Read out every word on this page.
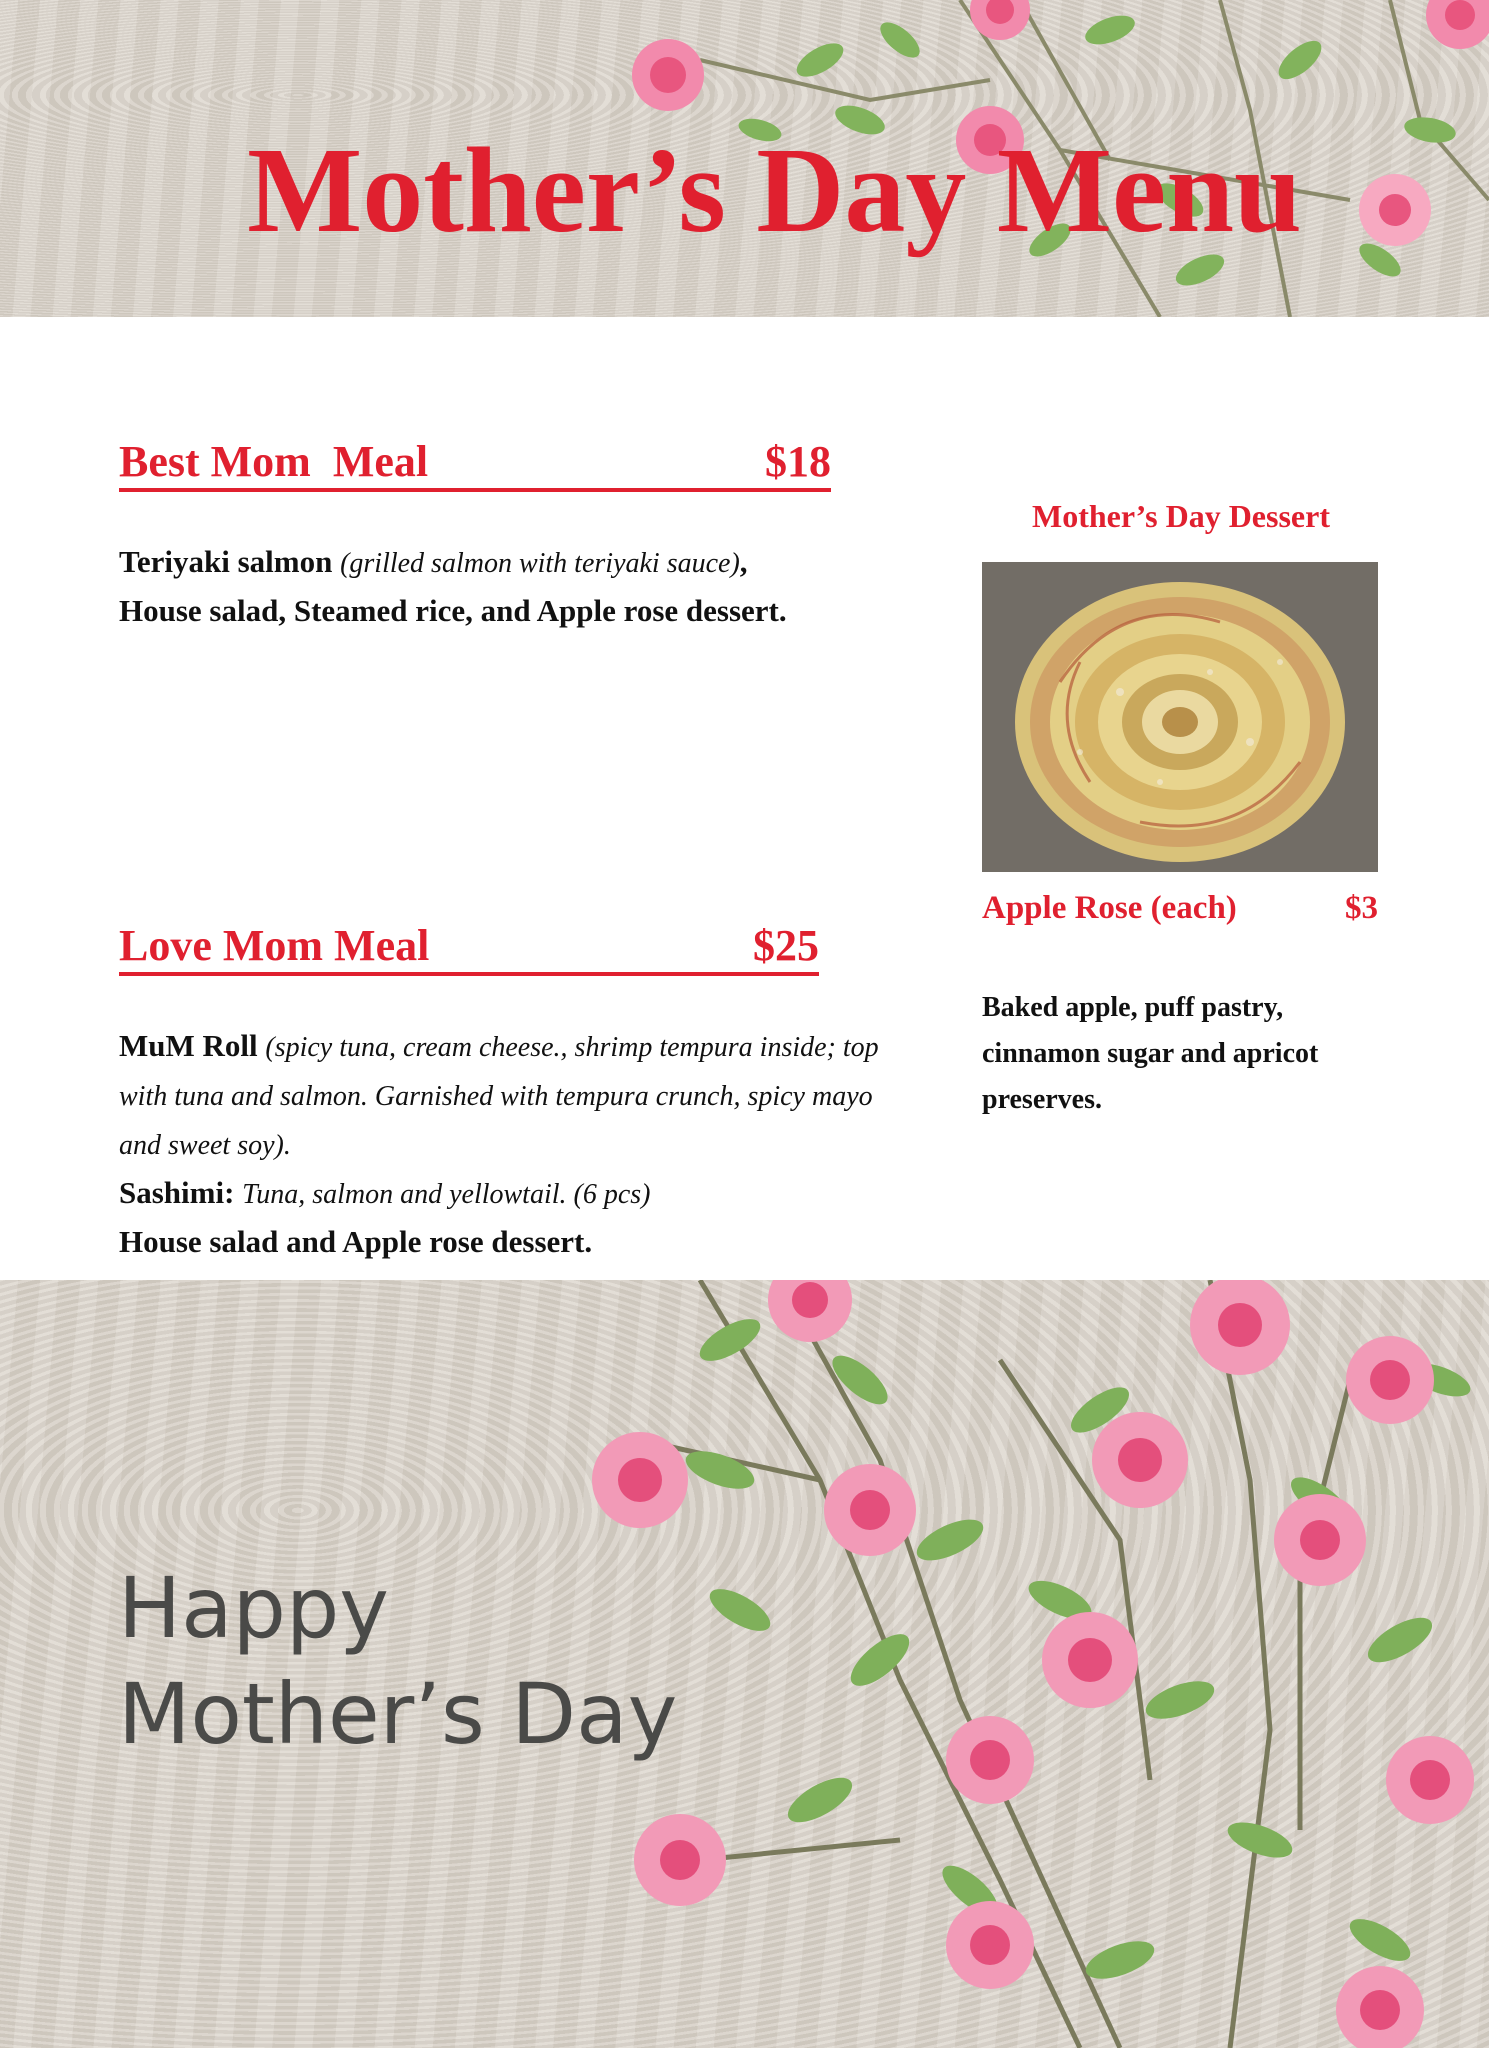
Mother’s Day Menu
Best Mom  Meal	$18
Teriyaki salmon (grilled salmon with teriyaki sauce),
House salad, Steamed rice, and Apple rose dessert.
Love Mom Meal	$25
MuM Roll (spicy tuna, cream cheese., shrimp tempura inside; top with tuna and salmon. Garnished with tempura crunch, spicy mayo and sweet soy).
Sashimi: Tuna, salmon and yellowtail. (6 pcs)
House salad and Apple rose dessert.
Mother’s Day Dessert
Apple Rose (each)	$3
Baked apple, puff pastry, cinnamon sugar and apricot preserves.
Happy
Mother’s Day
